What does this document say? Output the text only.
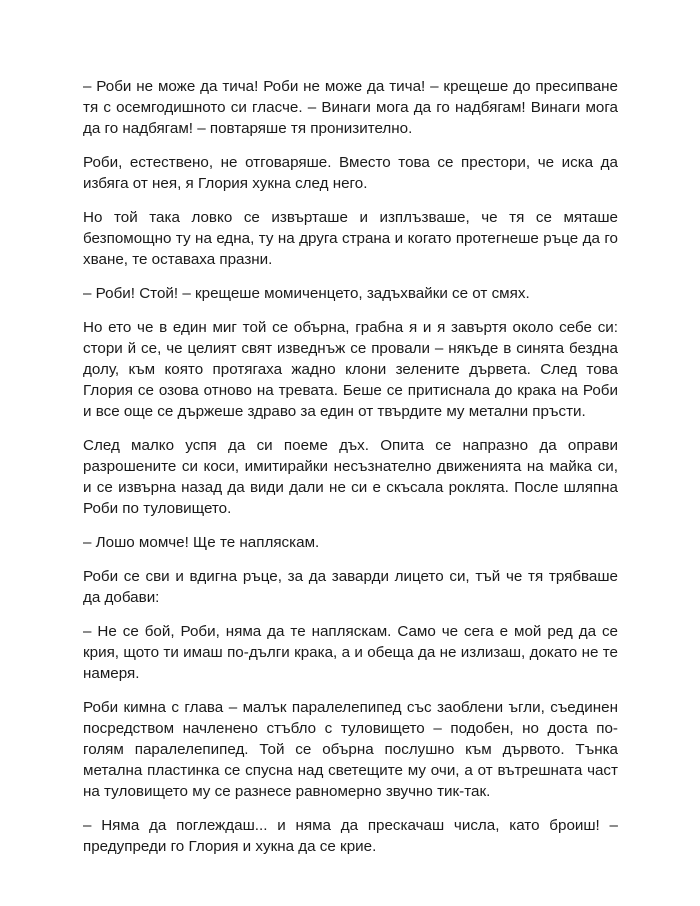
– Роби не може да тича! Роби не може да тича! – крещеше до пресипване тя с осемгодишното си гласче. – Винаги мога да го надбягам! Винаги мога да го надбягам! – повтаряше тя пронизително.

Роби, естествено, не отговаряше. Вместо това се престори, че иска да избяга от нея, я Глория хукна след него.

Но той така ловко се извърташе и изплъзваше, че тя се мяташе безпомощно ту на една, ту на друга страна и когато протегнеше ръце да го хване, те оставаха празни.

– Роби! Стой! – крещеше момиченцето, задъхвайки се от смях.

Но ето че в един миг той се обърна, грабна я и я завъртя около себе си: стори й се, че целият свят изведнъж се провали – някъде в синята бездна долу, към която протягаха жадно клони зелените дървета. След това Глория се озова отново на тревата. Беше се притиснала до крака на Роби и все още се държеше здраво за един от твърдите му метални пръсти.

След малко успя да си поеме дъх. Опита се напразно да оправи разрошените си коси, имитирайки несъзнателно движенията на майка си, и се извърна назад да види дали не си е скъсала роклята. После шляпна Роби по туловището.

– Лошо момче! Ще те напляскам.

Роби се сви и вдигна ръце, за да заварди лицето си, тъй че тя трябваше да добави:

– Не се бой, Роби, няма да те напляскам. Само че сега е мой ред да се крия, щото ти имаш по-дълги крака, а и обеща да не излизаш, докато не те намеря.

Роби кимна с глава – малък паралелепипед със заоблени ъгли, съединен посредством начленено стъбло с туловището – подобен, но доста по-голям паралелепипед. Той се обърна послушно към дървото. Тънка метална пластинка се спусна над светещите му очи, а от вътрешната част на туловището му се разнесе равномерно звучно тик-так.

– Няма да поглеждаш... и няма да прескачаш числа, като броиш! – предупреди го Глория и хукна да се крие.
